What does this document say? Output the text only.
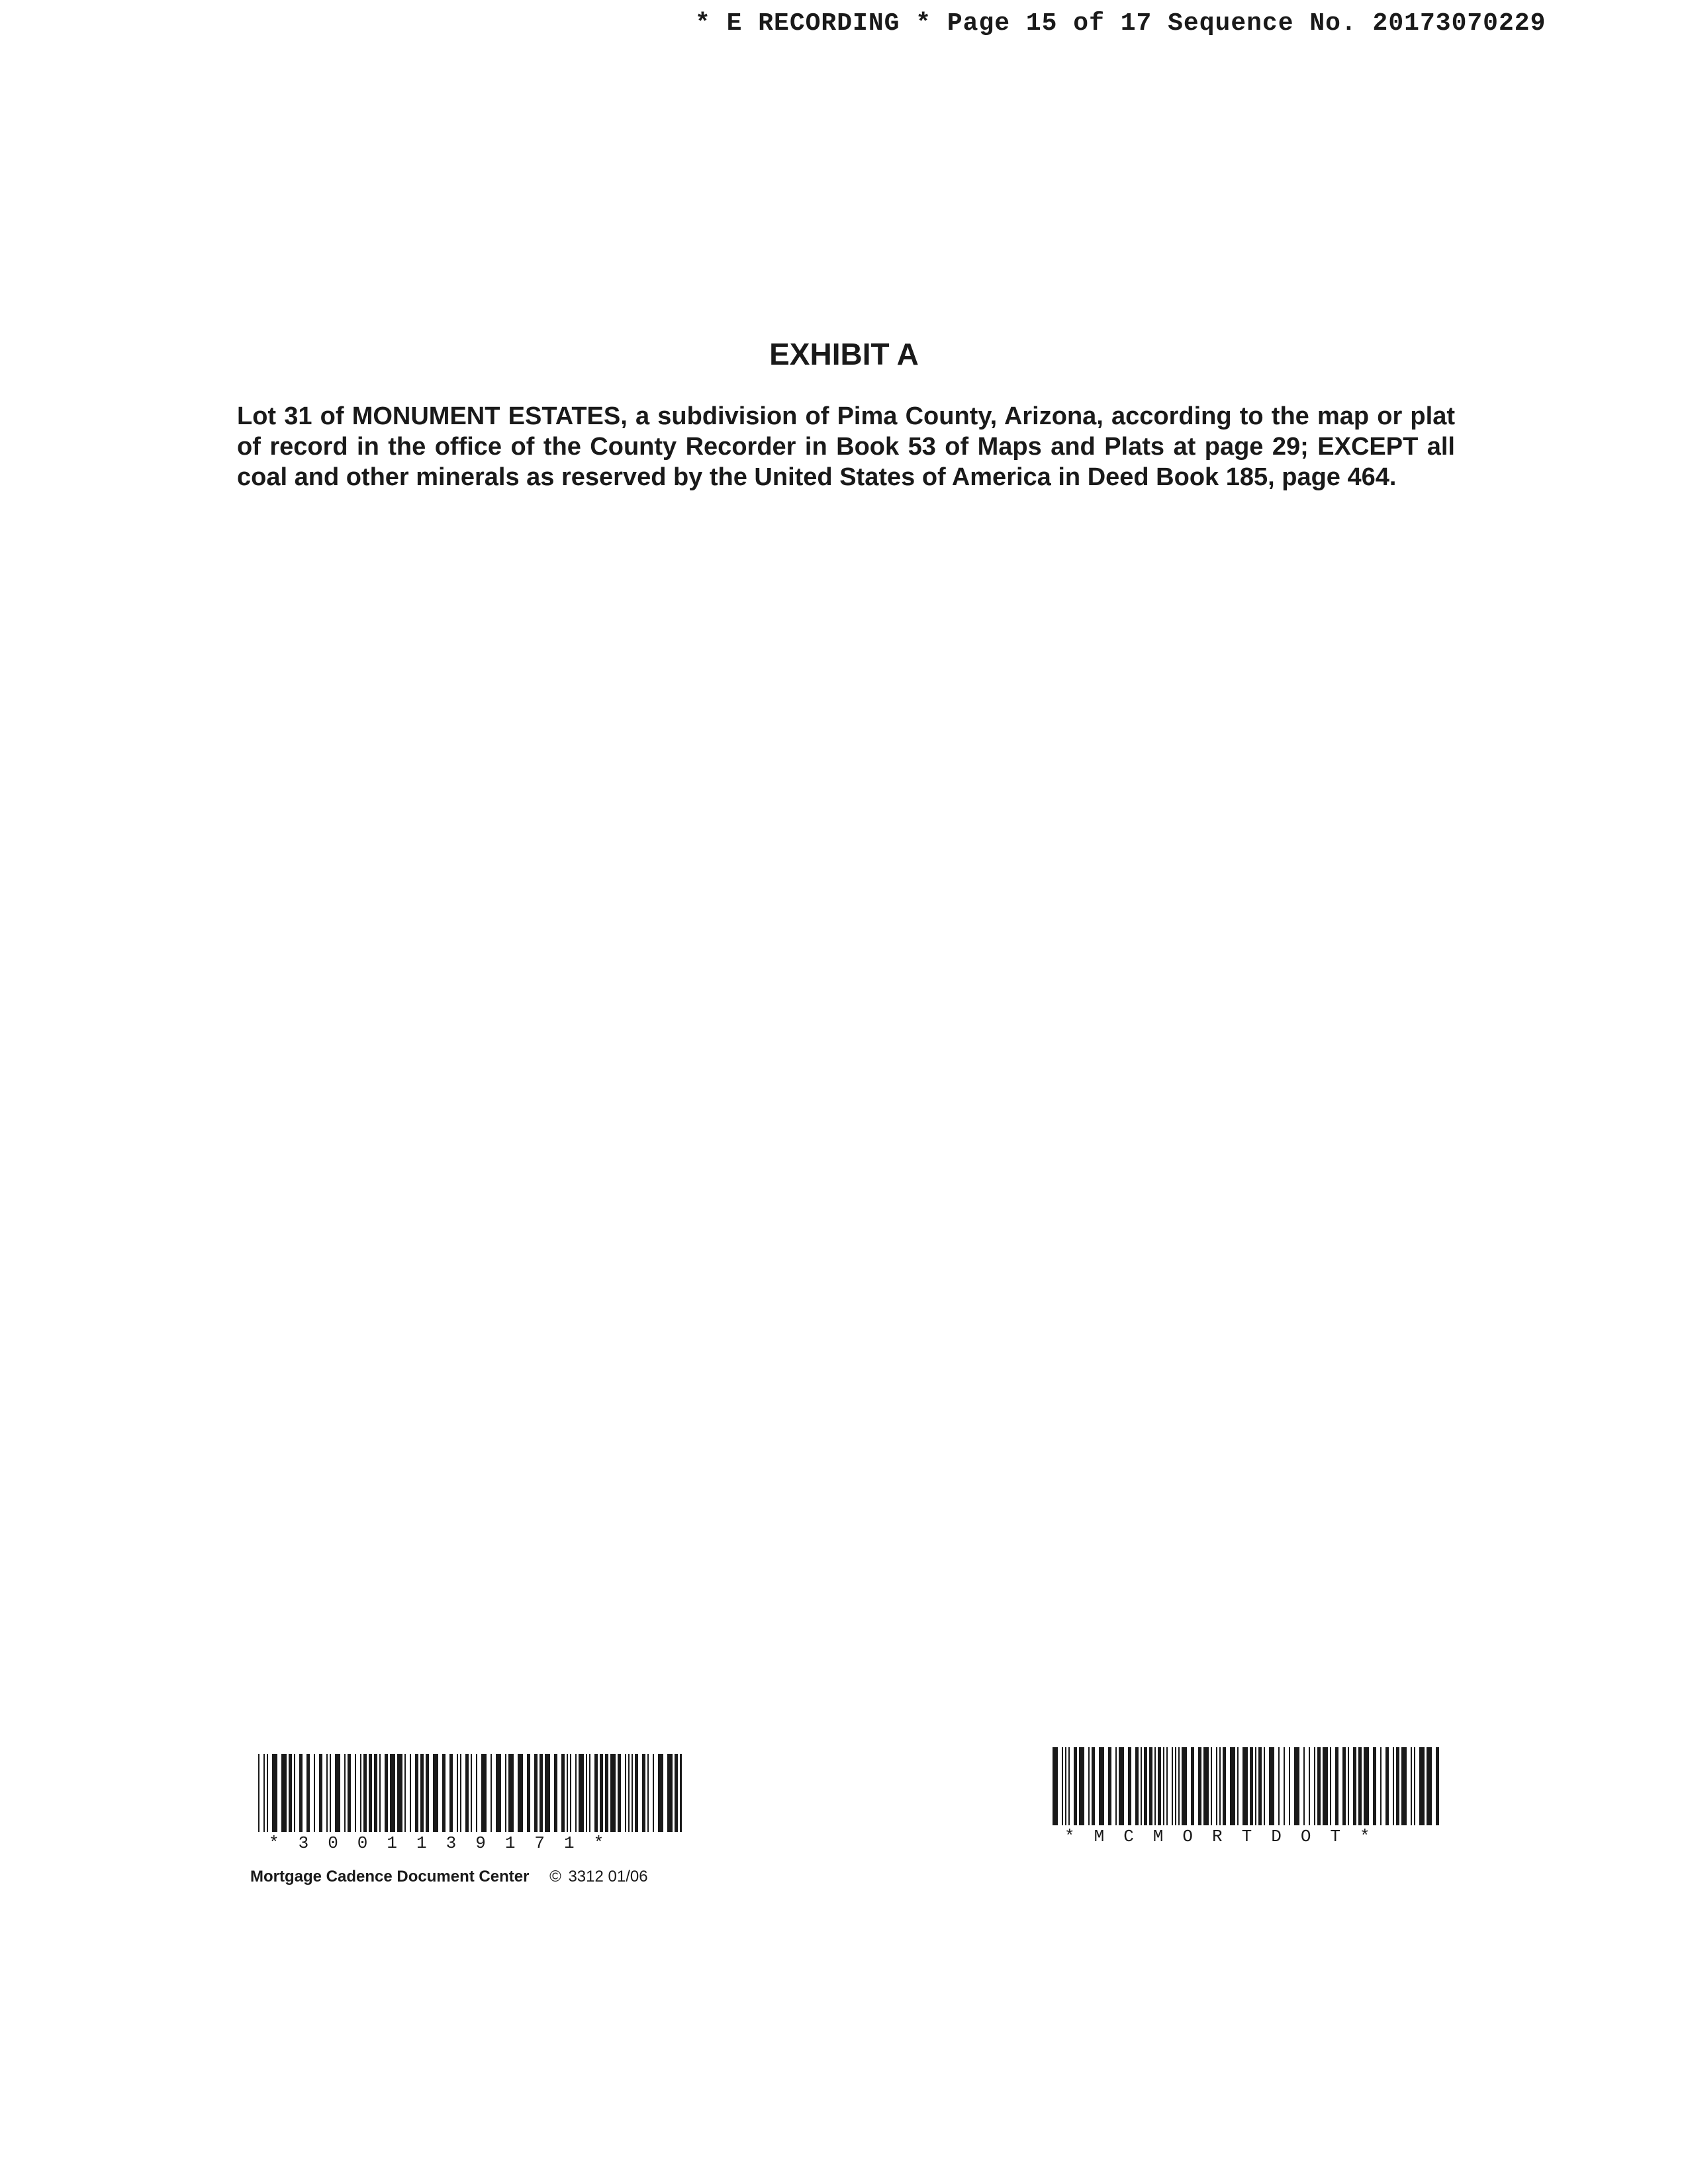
* E RECORDING * Page 15 of 17 Sequence No. 20173070229
EXHIBIT A

Lot 31 of MONUMENT ESTATES, a subdivision of Pima County, Arizona, according to the map or plat of record in the office of the County Recorder in Book 53 of Maps and Plats at page 29; EXCEPT all coal and other minerals as reserved by the United States of America in Deed Book 185, page 464.

*3001139171*	*MCMORTDOT*
Mortgage Cadence Document Center © 3312 01/06
